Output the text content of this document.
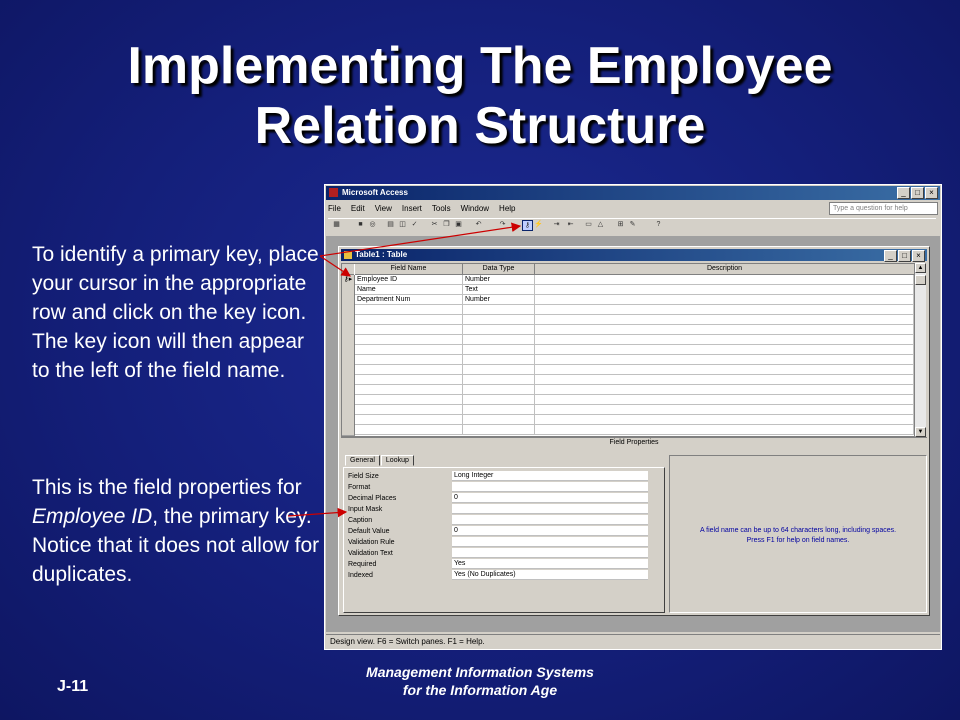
Implementing The Employee
Relation Structure
To identify a primary key, place your cursor in the appropriate row and click on the key icon. The key icon will then appear to the left of the field name.
This is the field properties for Employee ID, the primary key. Notice that it does not allow for duplicates.
J-11
Management Information Systems
for the Information Age
Microsoft Access	_	□	×
File Edit View Insert Tools Window Help	Type a question for help
▦	■ ◎ ▤ ◫ ✓ ✂ ❐ ▣ ↶	↷	⚷ ⚡ ⇥ ⇤ ▭ △ ⊞ ✎	?
Table1 : Table	_	□	×
Field Name	Data Type	Description
⚷▸ Employee ID	Number
Name	Text
Department Num	Number
▲
▼
Field Properties
General	Lookup
Field Size	Long Integer
Format
Decimal Places	0
Input Mask
Caption
Default Value	0
Validation Rule
Validation Text
Required	Yes
Indexed	Yes (No Duplicates)
A field name can be up to 64 characters long, including spaces.
Press F1 for help on field names.
Design view. F6 = Switch panes. F1 = Help.
